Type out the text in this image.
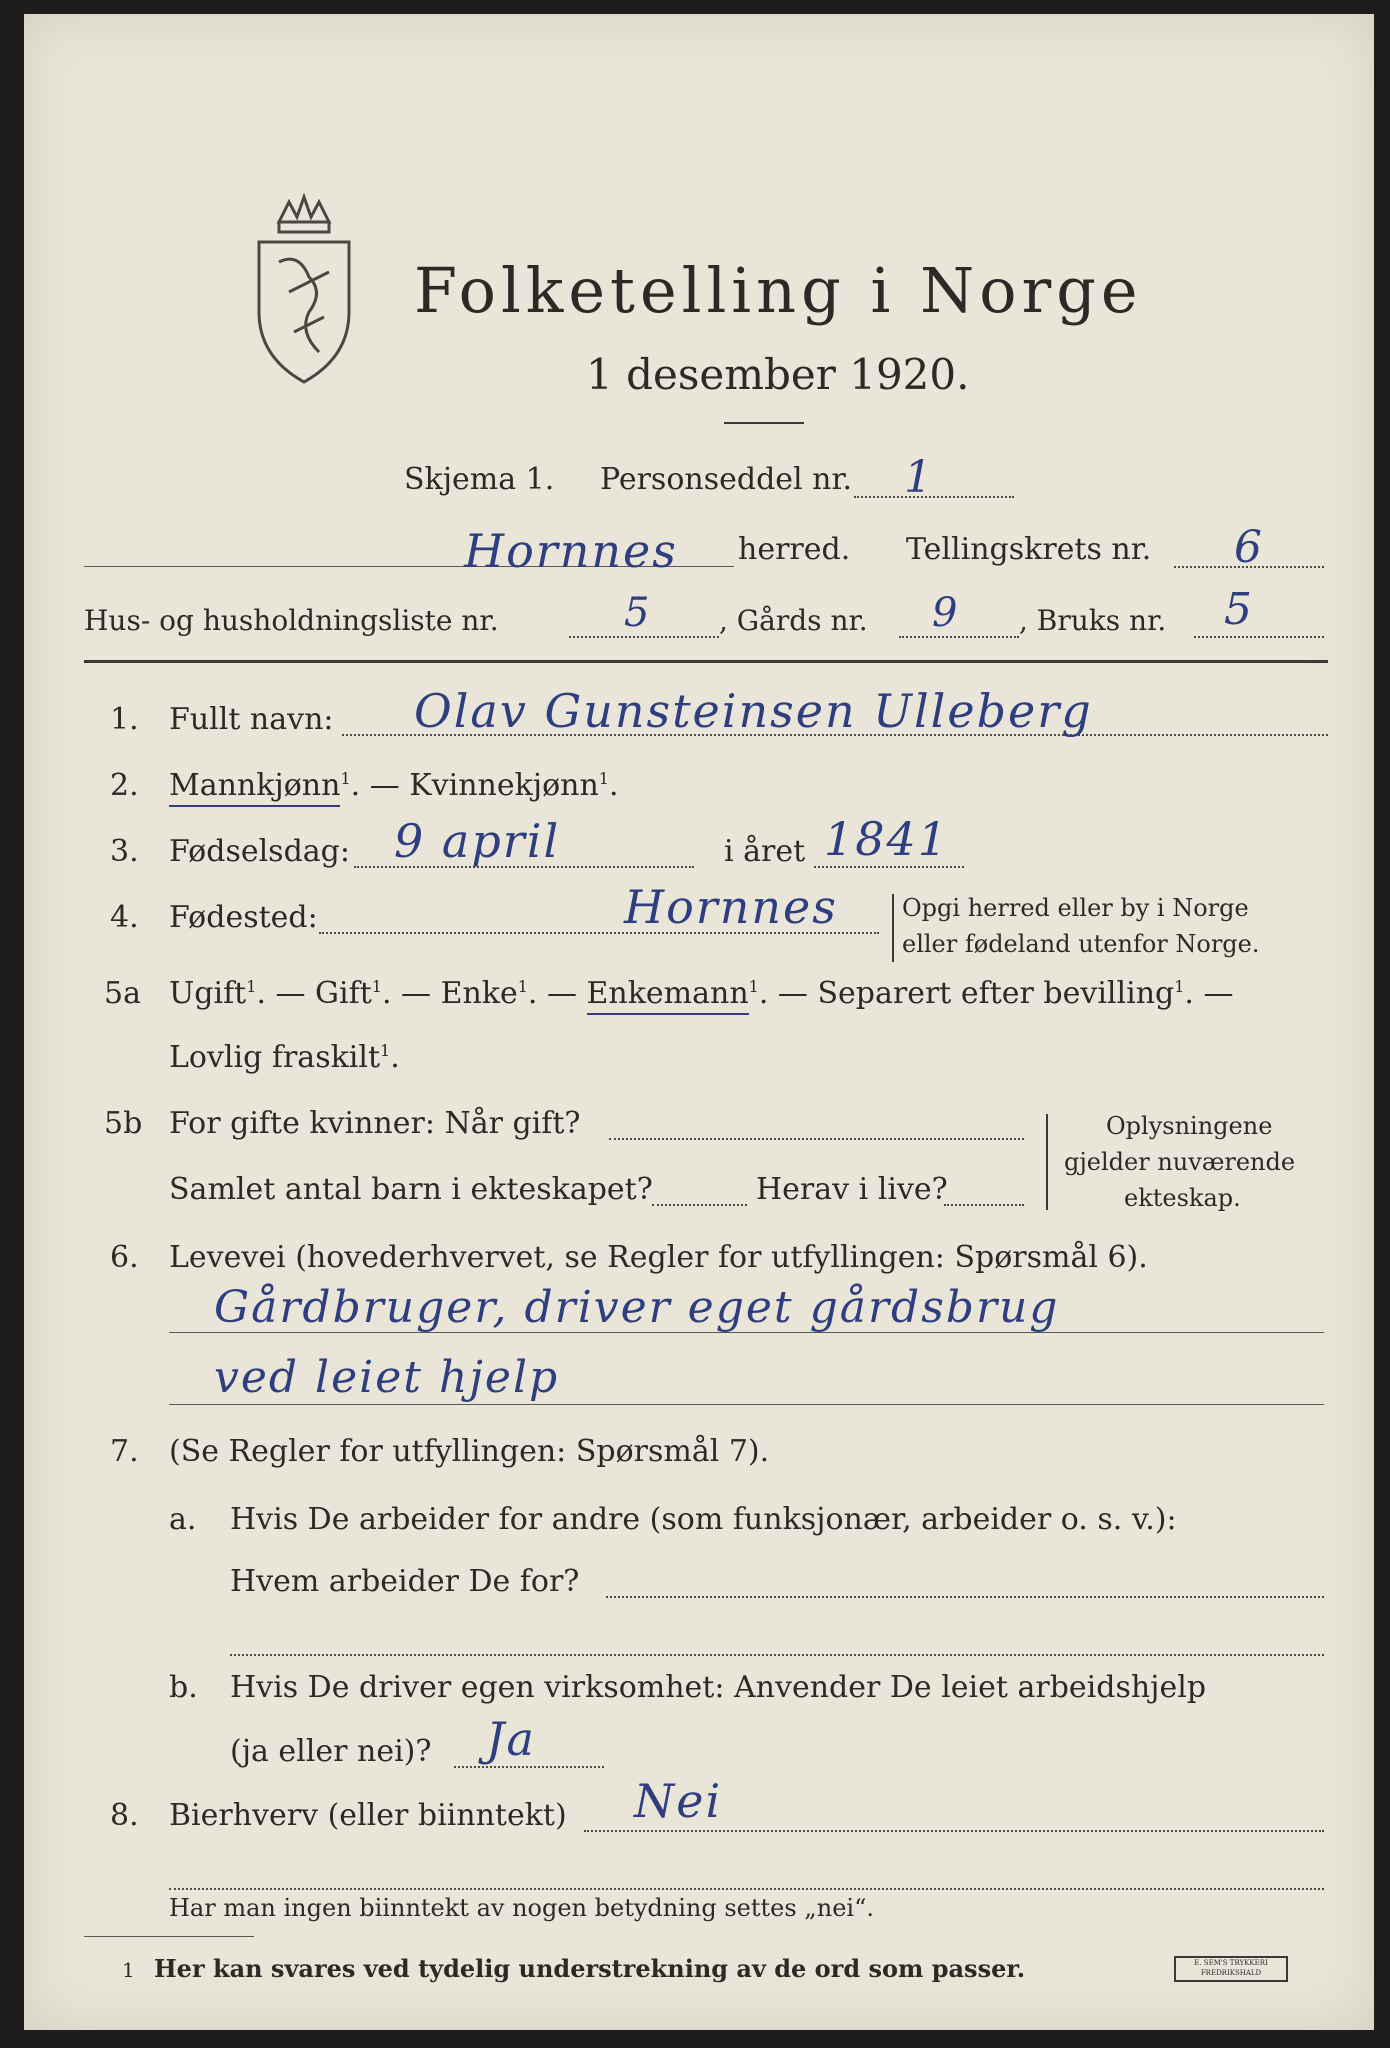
Folketelling i Norge
1 desember 1920.
Skjema 1. Personseddel nr. 1
Hornnes herred. Tellingskrets nr. 6
Hus- og husholdningsliste nr.	5 , Gårds nr. 9 , Bruks nr. 5
1. Fullt navn: Olav Gunsteinsen Ulleberg
2. Mannkjønn$^1$. — Kvinnekjønn$^1$.
3. Fødselsdag: 9 april	i året 1841
4. Fødested:	Hornnes	Opgi herred eller by i Norge
eller fødeland utenfor Norge.
5a Ugift$^1$. — Gift$^1$. — Enke$^1$. — Enkemann$^1$. — Separert efter bevilling$^1$. —
Lovlig fraskilt$^1$.
5b For gifte kvinner: Når gift?
Samlet antal barn i ekteskapet?	Herav i live?
Oplysningene
gjelder nuværende
ekteskap.
6. Levevei (hovederhvervet, se Regler for utfyllingen: Spørsmål 6).
Gårdbruger, driver eget gårdsbrug
ved leiet hjelp
7. (Se Regler for utfyllingen: Spørsmål 7).
a. Hvis De arbeider for andre (som funksjonær, arbeider o. s. v.):
Hvem arbeider De for?
b. Hvis De driver egen virksomhet: Anvender De leiet arbeidshjelp
(ja eller nei)? Ja
8. Bierhverv (eller biinntekt) Nei
Har man ingen biinntekt av nogen betydning settes „nei“.
1 Her kan svares ved tydelig understrekning av de ord som passer.	E. SEM'S TRYKKERI FREDRIKSHALD
